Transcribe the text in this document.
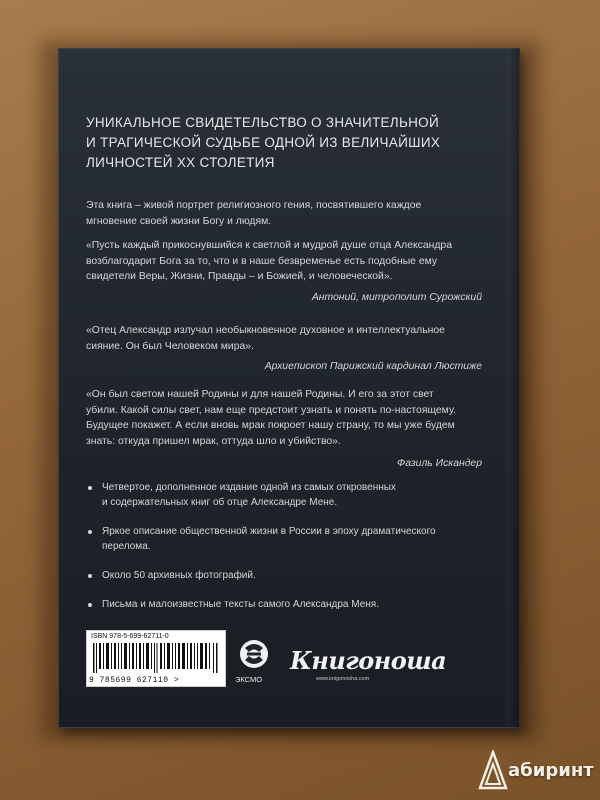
УНИКАЛЬНОЕ СВИДЕТЕЛЬСТВО О ЗНАЧИТЕЛЬНОЙ
И ТРАГИЧЕСКОЙ СУДЬБЕ ОДНОЙ ИЗ ВЕЛИЧАЙШИХ
ЛИЧНОСТЕЙ XX СТОЛЕТИЯ
Эта книга – живой портрет религиозного гения, посвятившего каждое
мгновение своей жизни Богу и людям.
«Пусть каждый прикоснувшийся к светлой и мудрой душе отца Александра
возблагодарит Бога за то, что и в наше безвременье есть подобные ему
свидетели Веры, Жизни, Правды – и Божией, и человеческой».
Антоний, митрополит Сурожский
«Отец Александр излучал необыкновенное духовное и интеллектуальное
сияние. Он был Человеком мира».
Архиепископ Парижский кардинал Люстиже
«Он был светом нашей Родины и для нашей Родины. И его за этот свет
убили. Какой силы свет, нам еще предстоит узнать и понять по-настоящему.
Будущее покажет. А если вновь мрак покроет нашу страну, то мы уже будем
знать: откуда пришел мрак, оттуда шло и убийство».
Фазиль Искандер
Четвертое, дополненное издание одной из самых откровенных
и содержательных книг об отце Александре Мене.
Яркое описание общественной жизни в России в эпоху драматического
перелома.
Около 50 архивных фотографий.
Письма и малоизвестные тексты самого Александра Меня.
ISBN 978-5-699-62711-0
9 785699 627110 >	ЭКСМО
Книгоноша
www.knigonosha.com
абиринт
